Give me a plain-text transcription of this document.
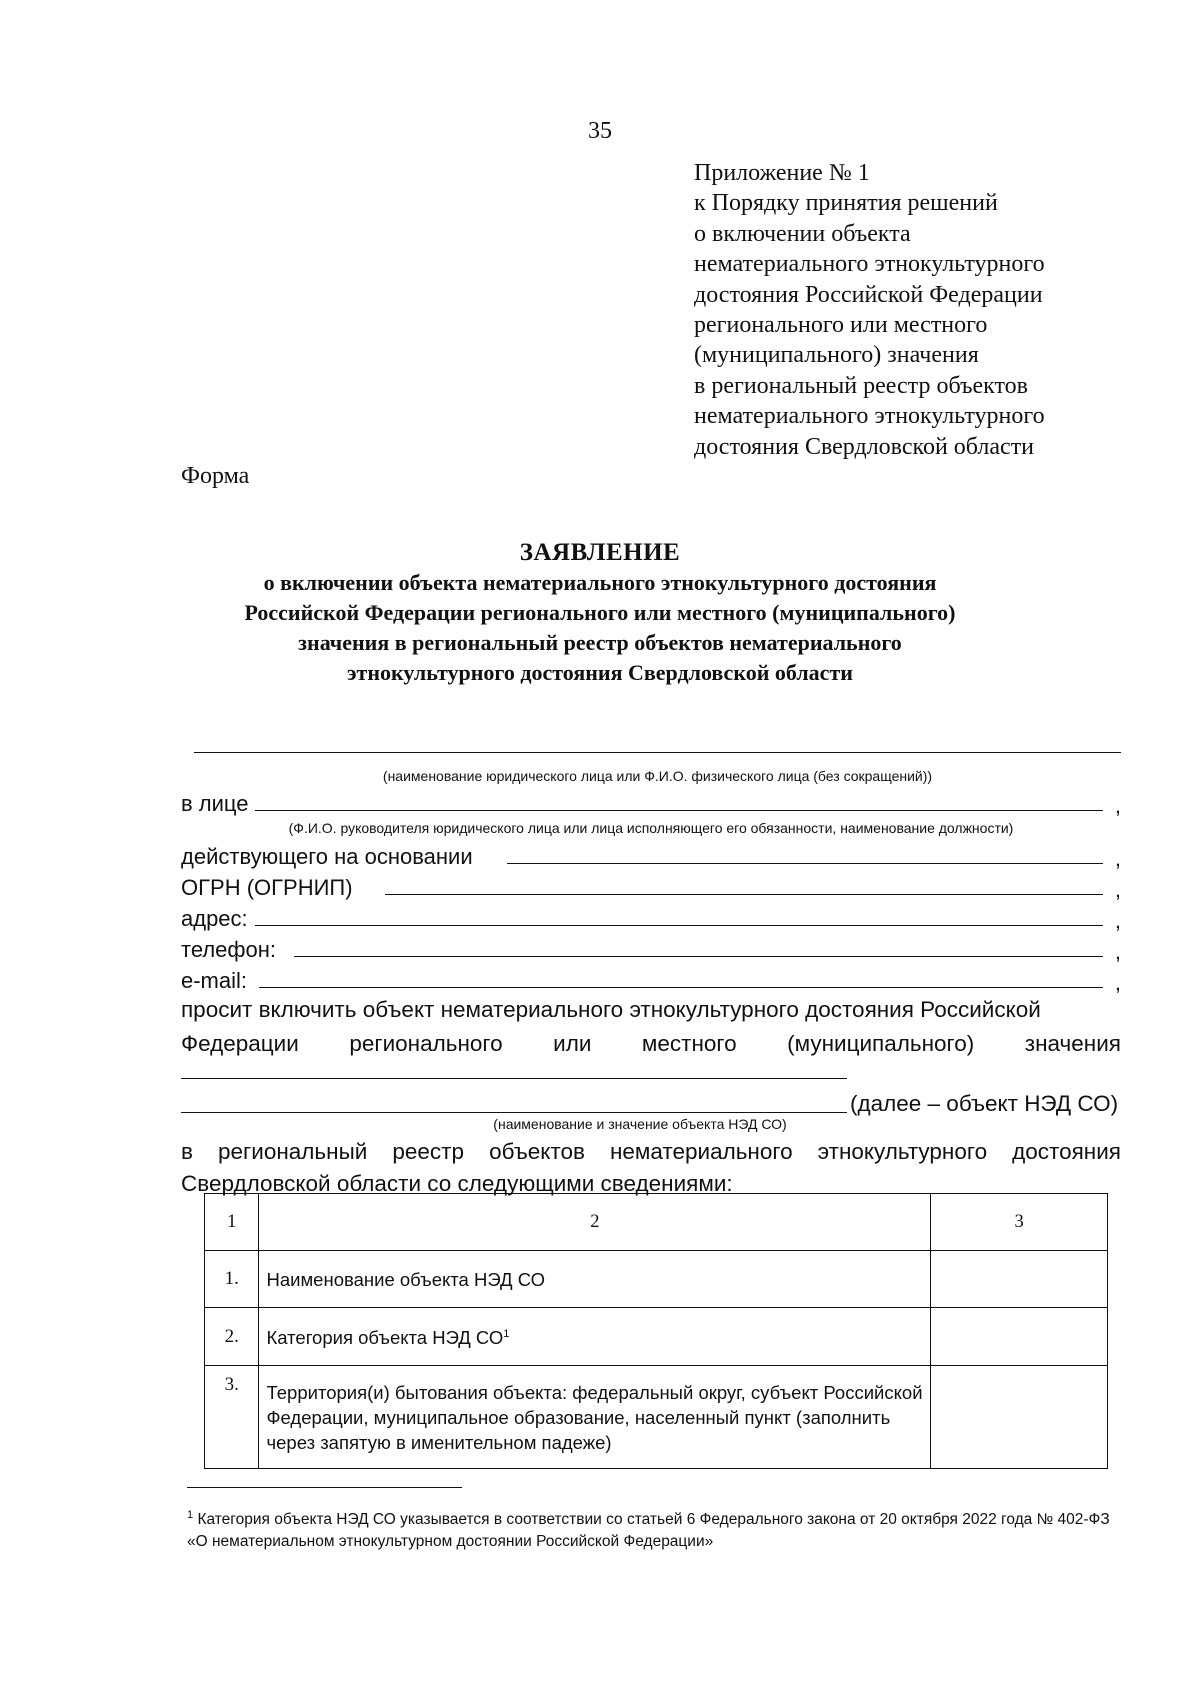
35
Приложение № 1
к Порядку принятия решений
о включении объекта
нематериального этнокультурного
достояния Российской Федерации
регионального или местного
(муниципального) значения
в региональный реестр объектов
нематериального этнокультурного
достояния Свердловской области
Форма
ЗАЯВЛЕНИЕ
о включении объекта нематериального этнокультурного достояния
Российской Федерации регионального или местного (муниципального)
значения в региональный реестр объектов нематериального
этнокультурного достояния Свердловской области
(наименование юридического лица или Ф.И.О. физического лица (без сокращений))
в лице	,
(Ф.И.О. руководителя юридического лица или лица исполняющего его обязанности, наименование должности)
действующего на основании	,
ОГРН (ОГРНИП)	,
адрес:	,
телефон:	,
e-mail:	,
просит включить объект нематериального этнокультурного достояния Российской
Федерации регионального или местного (муниципального) значения
(далее – объект НЭД СО)
(наименование и значение объекта НЭД СО)
в региональный реестр объектов нематериального этнокультурного достояния
Свердловской области со следующими сведениями:
1	2	3
1.	Наименование объекта НЭД СО	
2.	Категория объекта НЭД $СО^1$	
3.	Территория(и) бытования объекта: федеральный округ, субъект Российской Федерации, муниципальное образование, населенный пункт (заполнить через запятую в именительном падеже)	
$^1$ Категория объекта НЭД СО указывается в соответствии со статьей 6 Федерального закона от 20 октября 2022 года № 402-ФЗ «О нематериальном этнокультурном достоянии Российской Федерации»
